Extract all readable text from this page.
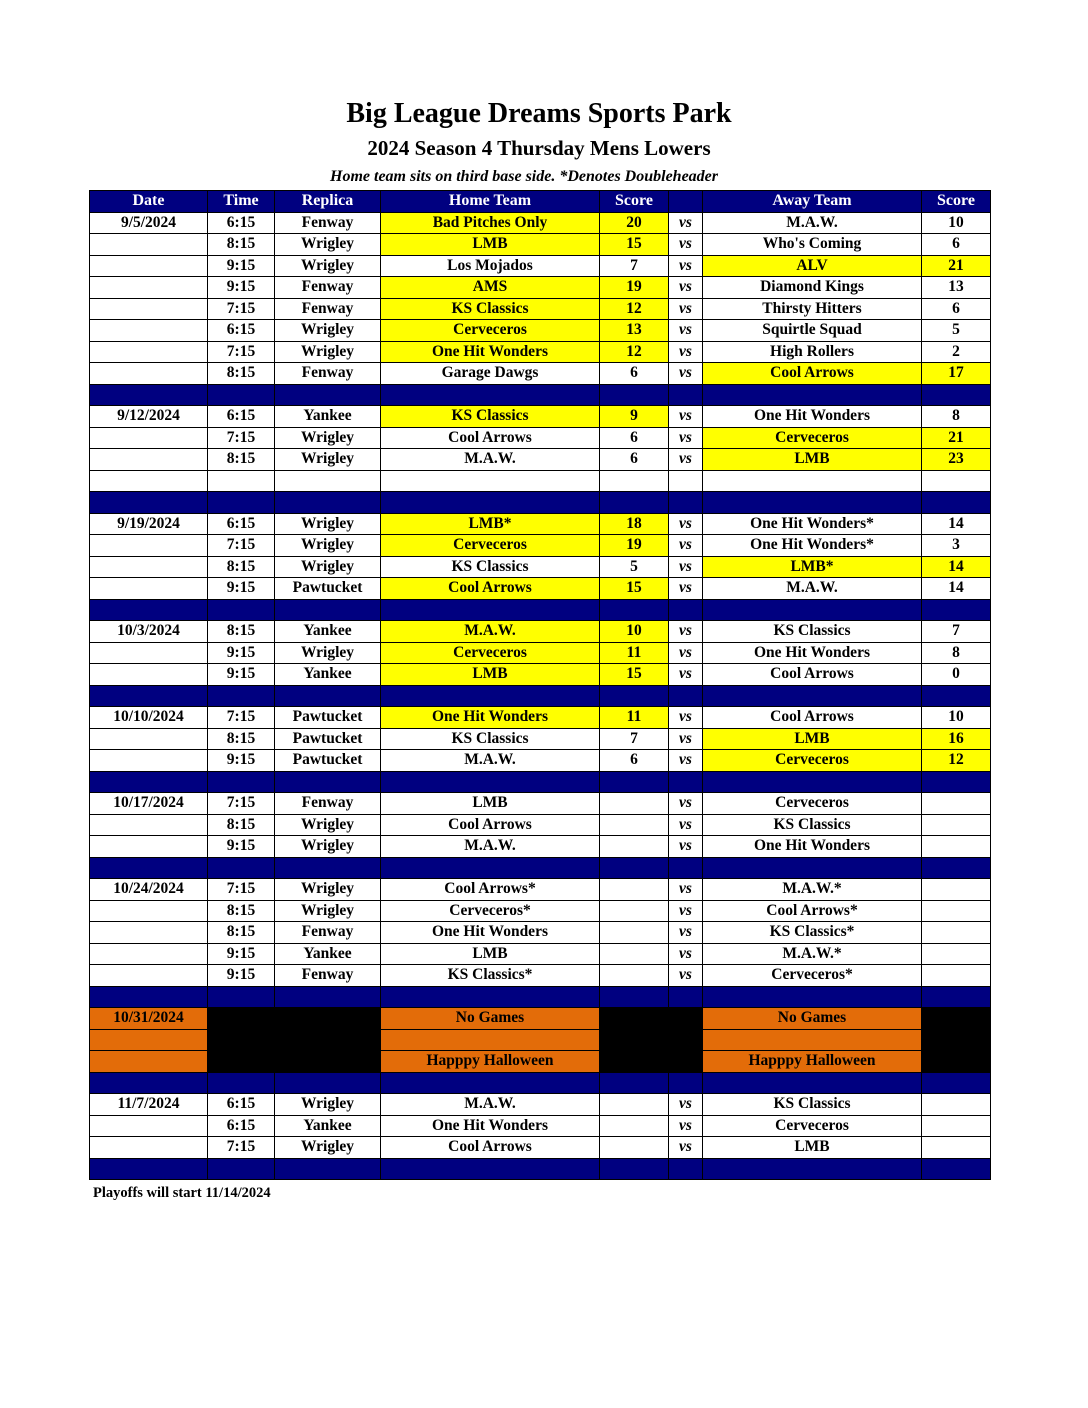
Big League Dreams Sports Park
2024 Season 4 Thursday Mens Lowers
Home team sits on third base side. *Denotes Doubleheader
Date	Time	Replica	Home Team	Score		Away Team	Score
9/5/2024	6:15	Fenway	Bad Pitches Only	20	vs	M.A.W.	10
	8:15	Wrigley	LMB	15	vs	Who's Coming	6
	9:15	Wrigley	Los Mojados	7	vs	ALV	21
	9:15	Fenway	AMS	19	vs	Diamond Kings	13
	7:15	Fenway	KS Classics	12	vs	Thirsty Hitters	6
	6:15	Wrigley	Cerveceros	13	vs	Squirtle Squad	5
	7:15	Wrigley	One Hit Wonders	12	vs	High Rollers	2
	8:15	Fenway	Garage Dawgs	6	vs	Cool Arrows	17

9/12/2024	6:15	Yankee	KS Classics	9	vs	One Hit Wonders	8
	7:15	Wrigley	Cool Arrows	6	vs	Cerveceros	21
	8:15	Wrigley	M.A.W.	6	vs	LMB	23

9/19/2024	6:15	Wrigley	LMB*	18	vs	One Hit Wonders*	14
	7:15	Wrigley	Cerveceros	19	vs	One Hit Wonders*	3
	8:15	Wrigley	KS Classics	5	vs	LMB*	14
	9:15	Pawtucket	Cool Arrows	15	vs	M.A.W.	14

10/3/2024	8:15	Yankee	M.A.W.	10	vs	KS Classics	7
	9:15	Wrigley	Cerveceros	11	vs	One Hit Wonders	8
	9:15	Yankee	LMB	15	vs	Cool Arrows	0

10/10/2024	7:15	Pawtucket	One Hit Wonders	11	vs	Cool Arrows	10
	8:15	Pawtucket	KS Classics	7	vs	LMB	16
	9:15	Pawtucket	M.A.W.	6	vs	Cerveceros	12

10/17/2024	7:15	Fenway	LMB		vs	Cerveceros	
	8:15	Wrigley	Cool Arrows		vs	KS Classics	
	9:15	Wrigley	M.A.W.		vs	One Hit Wonders	

10/24/2024	7:15	Wrigley	Cool Arrows*		vs	M.A.W.*	
	8:15	Wrigley	Cerveceros*		vs	Cool Arrows*	
	8:15	Fenway	One Hit Wonders		vs	KS Classics*	
	9:15	Yankee	LMB		vs	M.A.W.*	
	9:15	Fenway	KS Classics*		vs	Cerveceros*	

10/31/2024			No Games			No Games	

			Happpy Halloween			Happpy Halloween	

11/7/2024	6:15	Wrigley	M.A.W.		vs	KS Classics	
	6:15	Yankee	One Hit Wonders		vs	Cerveceros	
	7:15	Wrigley	Cool Arrows		vs	LMB	

Playoffs will start 11/14/2024
